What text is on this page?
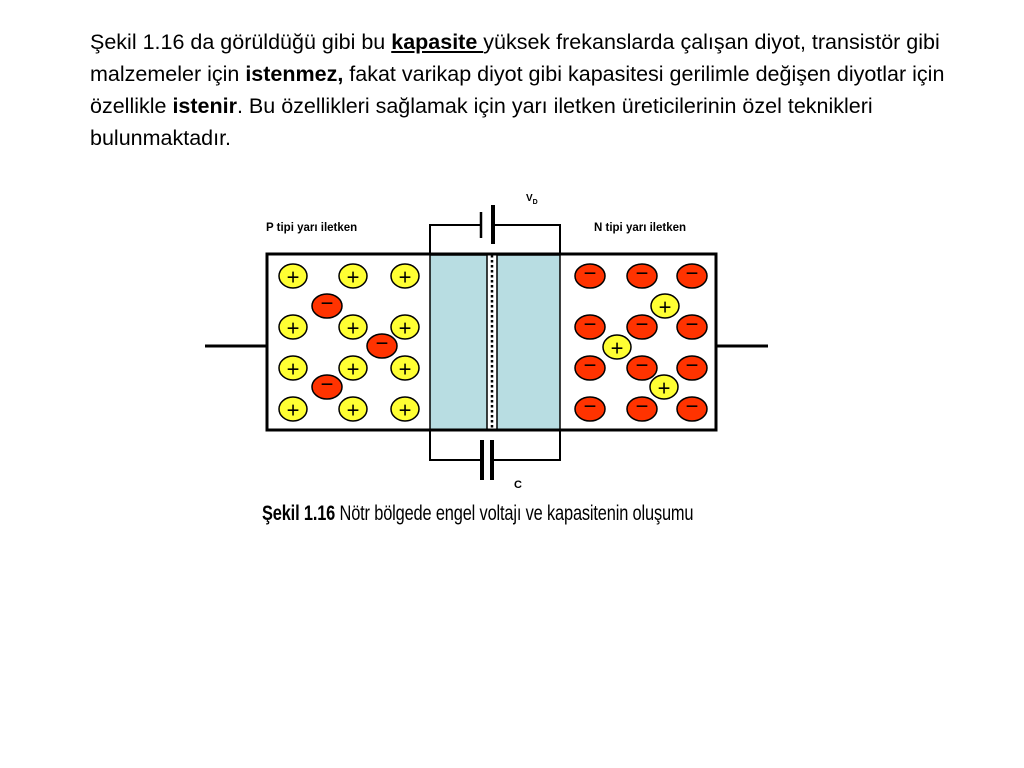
Şekil 1.16 da görüldüğü gibi bu kapasite yüksek frekanslarda çalışan diyot, transistör gibi malzemeler için istenmez, fakat varikap diyot gibi kapasitesi gerilimle değişen diyotlar için özellikle istenir. Bu özellikleri sağlamak için yarı iletken üreticilerinin özel teknikleri bulunmaktadır.
$V_D$
C
P tipi yarı iletken	N tipi yarı iletken
+ + +
+ + +
+ + +
+ + +
+
+
+
− − −
−
− − −
−
− − −
−
− − −
Şekil 1.16 Nötr bölgede engel voltajı ve kapasitenin oluşumu
